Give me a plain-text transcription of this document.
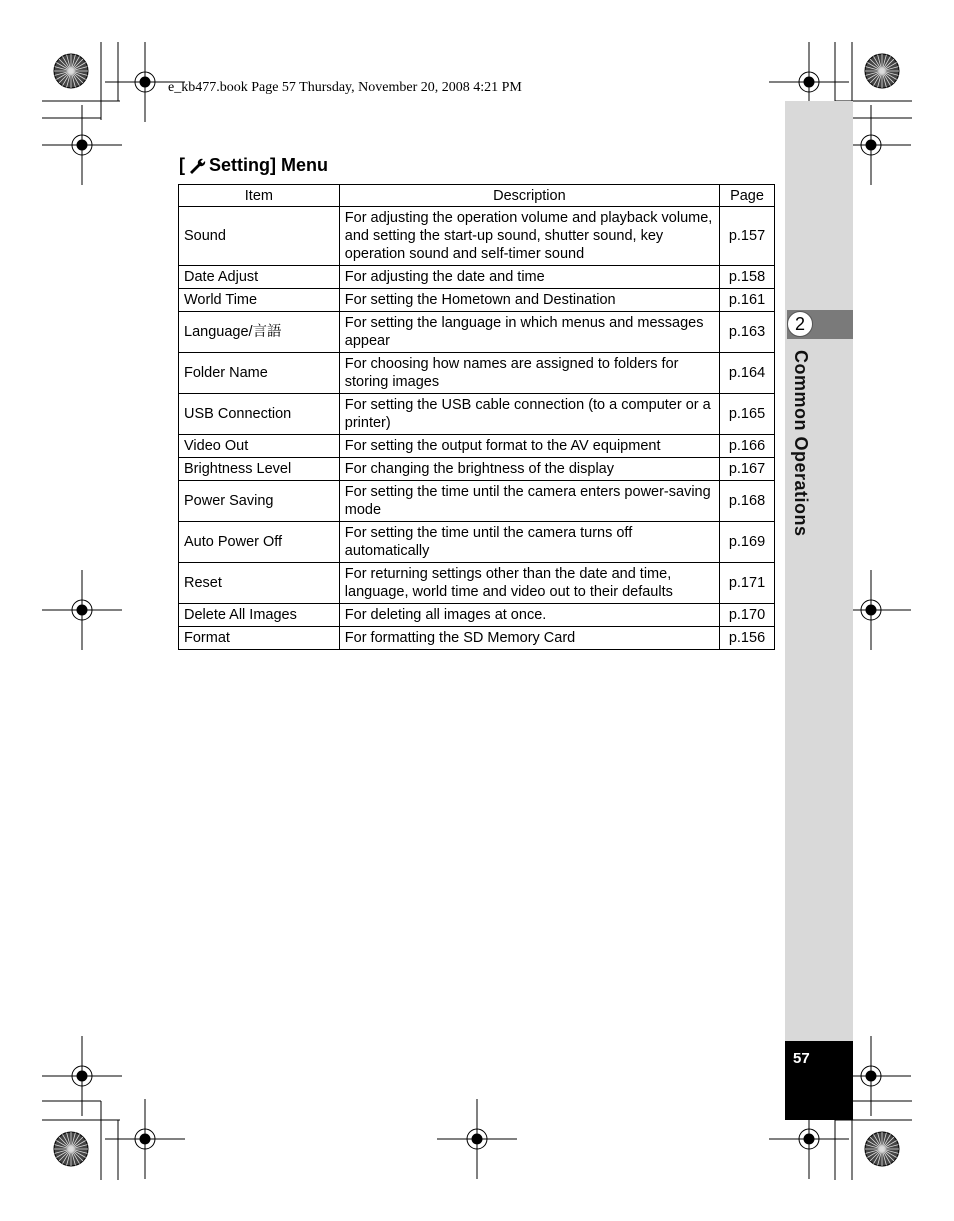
e_kb477.book Page 57 Thursday, November 20, 2008 4:21 PM
[ Setting] Menu
Item	Description	Page
Sound	For adjusting the operation volume and playback volume, and setting the start-up sound, shutter sound, key operation sound and self-timer sound	p.157
Date Adjust	For adjusting the date and time	p.158
World Time	For setting the Hometown and Destination	p.161
Language/言語	For setting the language in which menus and messages appear	p.163
Folder Name	For choosing how names are assigned to folders for storing images	p.164
USB Connection	For setting the USB cable connection (to a computer or a printer)	p.165
Video Out	For setting the output format to the AV equipment	p.166
Brightness Level	For changing the brightness of the display	p.167
Power Saving	For setting the time until the camera enters power-saving mode	p.168
Auto Power Off	For setting the time until the camera turns off automatically	p.169
Reset	For returning settings other than the date and time, language, world time and video out to their defaults	p.171
Delete All Images	For deleting all images at once.	p.170
Format	For formatting the SD Memory Card	p.156
2
Common Operations
57
